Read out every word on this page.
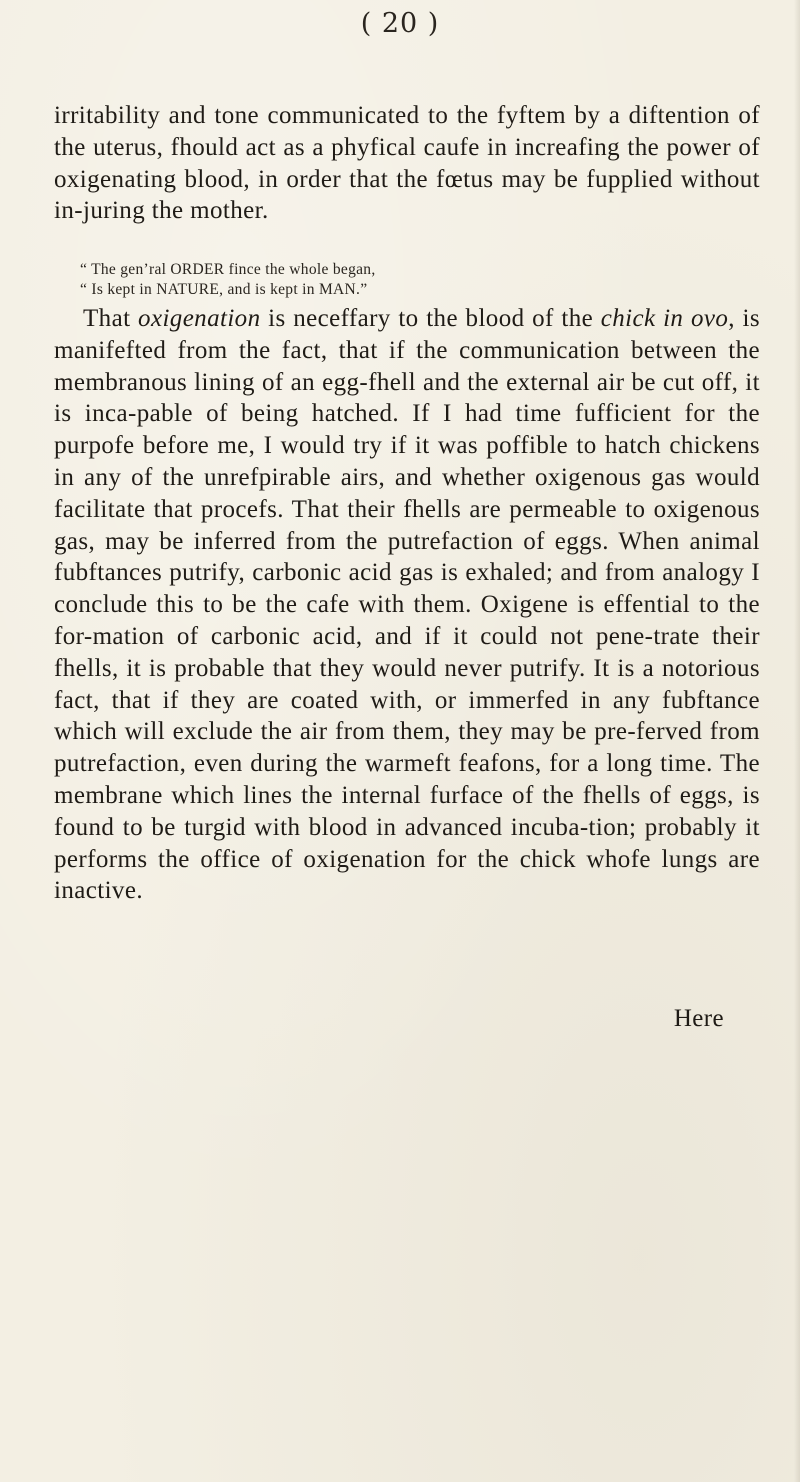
( 20 )
irritability and tone communicated to the fyftem by a diftention of the uterus, fhould act as a phyfical caufe in increafing the power of oxigenating blood, in order that the fœtus may be fupplied without in-juring the mother.
“ The gen’ral ORDER fince the whole began,
“ Is kept in NATURE, and is kept in MAN.”
That oxigenation is neceffary to the blood of the chick in ovo, is manifefted from the fact, that if the communication between the membranous lining of an egg-fhell and the external air be cut off, it is inca-pable of being hatched. If I had time fufficient for the purpofe before me, I would try if it was poffible to hatch chickens in any of the unrefpirable airs, and whether oxigenous gas would facilitate that procefs. That their fhells are permeable to oxigenous gas, may be inferred from the putrefaction of eggs. When animal fubftances putrify, carbonic acid gas is exhaled; and from analogy I conclude this to be the cafe with them. Oxigene is effential to the for-mation of carbonic acid, and if it could not pene-trate their fhells, it is probable that they would never putrify. It is a notorious fact, that if they are coated with, or immerfed in any fubftance which will exclude the air from them, they may be pre-ferved from putrefaction, even during the warmeft feafons, for a long time. The membrane which lines the internal furface of the fhells of eggs, is found to be turgid with blood in advanced incuba-tion; probably it performs the office of oxigenation for the chick whofe lungs are inactive.
Here
